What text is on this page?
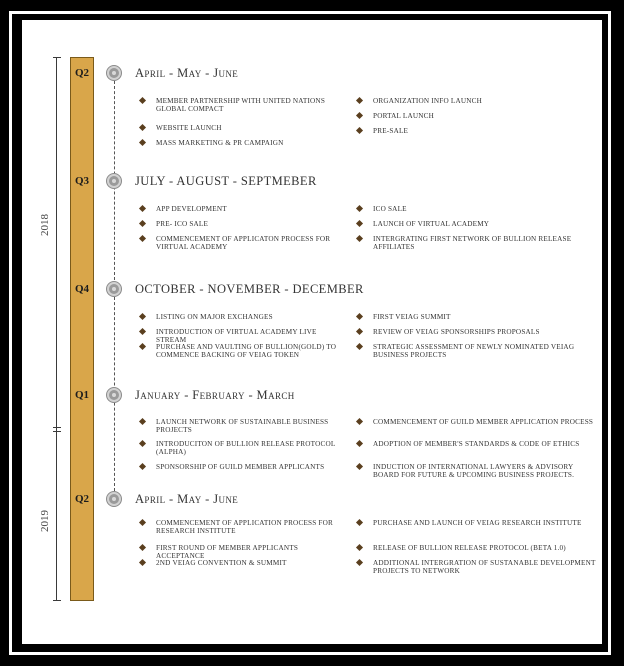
2018
2019
Q2
Q3
Q4
Q1
Q2
April - May - June
MEMBER PARTNERSHIP WITH UNITED NATIONS GLOBAL COMPACT
WEBSITE LAUNCH
MASS MARKETING & PR CAMPAIGN
ORGANIZATION INFO LAUNCH
PORTAL LAUNCH
PRE-SALE
JULY - AUGUST - SEPTMEBER
APP DEVELOPMENT
PRE- ICO SALE
COMMENCEMENT OF APPLICATON PROCESS FOR VIRTUAL ACADEMY
ICO SALE
LAUNCH OF VIRTUAL ACADEMY
INTERGRATING FIRST NETWORK OF BULLION RELEASE AFFILIATES
OCTOBER - NOVEMBER - DECEMBER
LISTING ON MAJOR EXCHANGES
INTRODUCTION OF VIRTUAL ACADEMY LIVE STREAM
PURCHASE AND VAULTING OF BULLION(GOLD) TO COMMENCE BACKING OF VEIAG TOKEN
FIRST VEIAG SUMMIT
REVIEW OF VEIAG SPONSORSHIPS PROPOSALS
STRATEGIC ASSESSMENT OF NEWLY NOMINATED VEIAG BUSINESS PROJECTS
January - February - March
LAUNCH NETWORK OF SUSTAINABLE BUSINESS PROJECTS
INTRODUCITON OF BULLION RELEASE PROTOCOL (ALPHA)
SPONSORSHIP OF GUILD MEMBER APPLICANTS
COMMENCEMENT OF GUILD MEMBER APPLICATION PROCESS
ADOPTION OF MEMBER'S STANDARDS & CODE OF ETHICS
INDUCTION OF INTERNATIONAL LAWYERS & ADVISORY BOARD FOR FUTURE & UPCOMING BUSINESS PROJECTS.
April - May - June
COMMENCEMENT OF APPLICATION PROCESS FOR RESEARCH INSTITUTE
FIRST ROUND OF MEMBER APPLICANTS ACCEPTANCE
2ND VEIAG CONVENTION & SUMMIT
PURCHASE AND LAUNCH OF VEIAG RESEARCH INSTITUTE
RELEASE OF BULLION RELEASE PROTOCOL (BETA 1.0)
ADDITIONAL INTERGRATION OF SUSTANABLE DEVELOPMENT PROJECTS TO NETWORK
